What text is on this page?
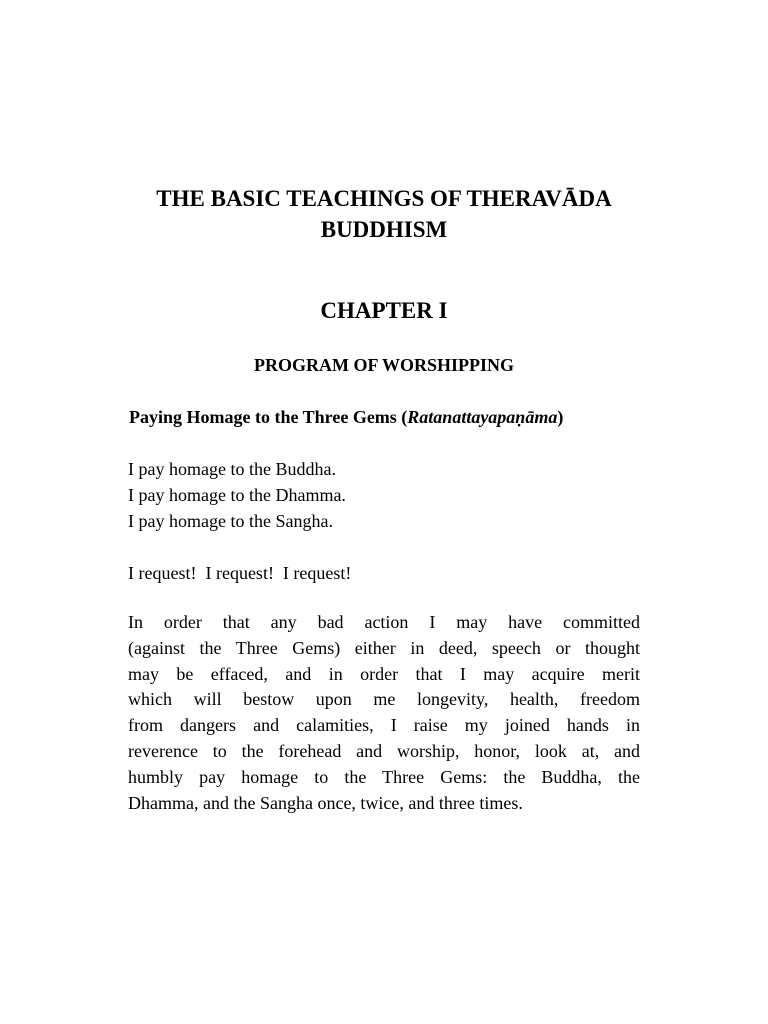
THE BASIC TEACHINGS OF THERAVĀDA
BUDDHISM
CHAPTER I
PROGRAM OF WORSHIPPING
Paying Homage to the Three Gems (Ratanattayapaṇāma)

I pay homage to the Buddha.
I pay homage to the Dhamma.
I pay homage to the Sangha.

I request!  I request!  I request!

In order that any bad action I may have committed
(against the Three Gems) either in deed, speech or thought
may be effaced, and in order that I may acquire merit
which will bestow upon me longevity, health, freedom
from dangers and calamities, I raise my joined hands in
reverence to the forehead and worship, honor, look at, and
humbly pay homage to the Three Gems: the Buddha, the
Dhamma, and the Sangha once, twice, and three times.
